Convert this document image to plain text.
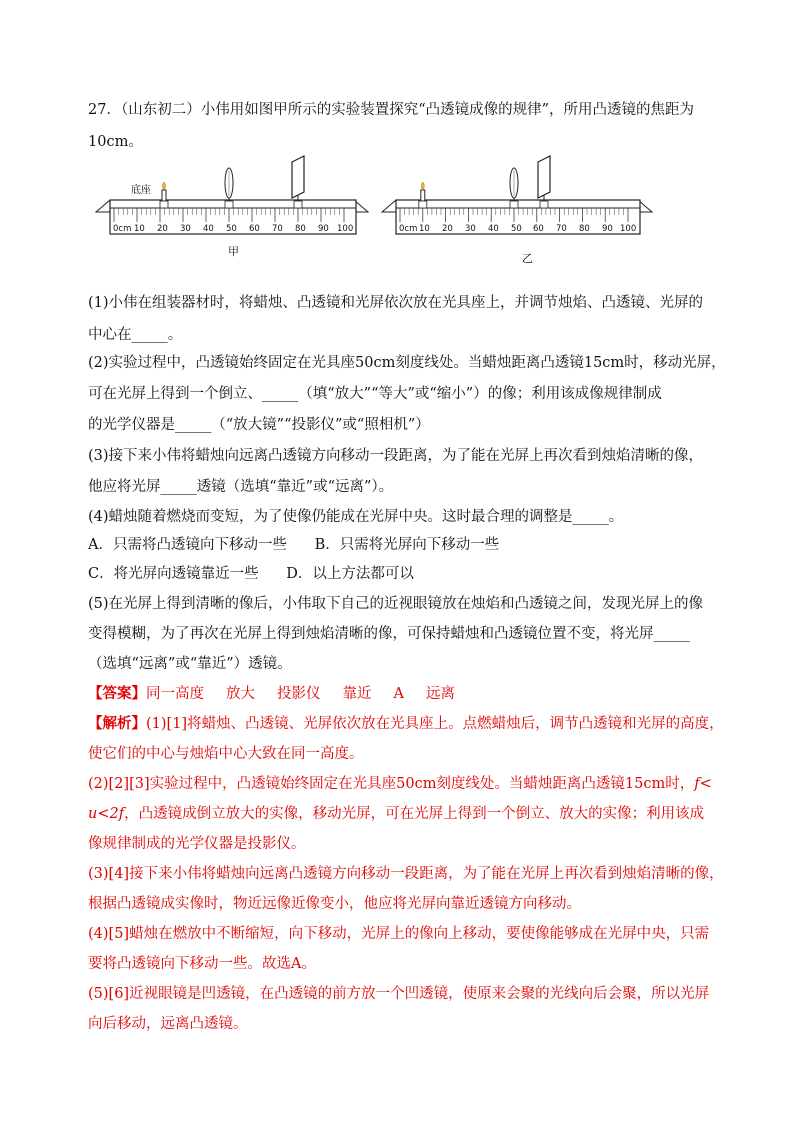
27．（山东初二）小伟用如图甲所示的实验装置探究“凸透镜成像的规律”，所用凸透镜的焦距为
10cm。
0cm 10 20 30 40 50 60 70 80 90 100
底座
甲
0cm 10 20 30 40 50 60 70 80 90 100
乙
(1)小伟在组装器材时，将蜡烛、凸透镜和光屏依次放在光具座上，并调节烛焰、凸透镜、光屏的
中心在_____。
(2)实验过程中，凸透镜始终固定在光具座50cm刻度线处。当蜡烛距离凸透镜15cm时，移动光屏，
可在光屏上得到一个倒立、_____（填“放大”“等大”或“缩小”）的像；利用该成像规律制成
的光学仪器是_____（“放大镜”“投影仪”或“照相机”）
(3)接下来小伟将蜡烛向远离凸透镜方向移动一段距离，为了能在光屏上再次看到烛焰清晰的像，
他应将光屏_____透镜（选填“靠近”或“远离”）。
(4)蜡烛随着燃烧而变短，为了使像仍能成在光屏中央。这时最合理的调整是_____。
A．只需将凸透镜向下移动一些      B．只需将光屏向下移动一些
C．将光屏向透镜靠近一些      D．以上方法都可以
(5)在光屏上得到清晰的像后，小伟取下自己的近视眼镜放在烛焰和凸透镜之间，发现光屏上的像
变得模糊，为了再次在光屏上得到烛焰清晰的像，可保持蜡烛和凸透镜位置不变，将光屏_____
（选填“远离”或“靠近”）透镜。
【答案】同一高度 放大 投影仪 靠近 A 远离
【解析】(1)[1]将蜡烛、凸透镜、光屏依次放在光具座上。点燃蜡烛后，调节凸透镜和光屏的高度，
使它们的中心与烛焰中心大致在同一高度。
(2)[2][3]实验过程中，凸透镜始终固定在光具座50cm刻度线处。当蜡烛距离凸透镜15cm时，f<
u<2f，凸透镜成倒立放大的实像，移动光屏，可在光屏上得到一个倒立、放大的实像；利用该成
像规律制成的光学仪器是投影仪。
(3)[4]接下来小伟将蜡烛向远离凸透镜方向移动一段距离，为了能在光屏上再次看到烛焰清晰的像，
根据凸透镜成实像时，物近远像近像变小，他应将光屏向靠近透镜方向移动。
(4)[5]蜡烛在燃放中不断缩短，向下移动，光屏上的像向上移动，要使像能够成在光屏中央，只需
要将凸透镜向下移动一些。故选A。
(5)[6]近视眼镜是凹透镜，在凸透镜的前方放一个凹透镜，使原来会聚的光线向后会聚，所以光屏
向后移动，远离凸透镜。
